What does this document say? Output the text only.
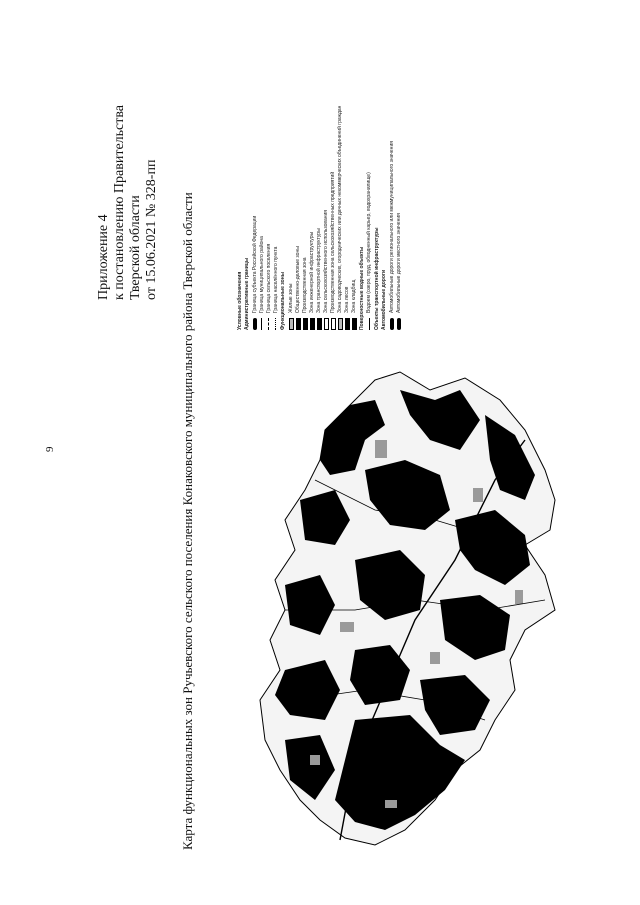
9
Приложение 4 к постановлению Правительства Тверской области от 15.06.2021 № 328-пп Карта функциональных зон Ручьевского сельского поселения Конаковского муниципального района Тверской области	Условные обозначения Административные границы Граница субъекта Российской Федерации Граница муниципального района Граница сельского поселения Граница населённого пункта Функциональные зоны Жилые зоны Общественно-деловые зоны Производственная зона Зона инженерной инфраструктуры Зона транспортной инфраструктуры Зона сельскохозяйственного использования Производственная зона сельскохозяйственных предприятий Зона садоводческих, огороднических или дачных некоммерческих объединений граждан Зона лесов Зона кладбищ Поверхностные водные объекты Водоем (озеро, пруд, обводненный карьер, водохранилище) Объекты транспортной инфраструктуры Автомобильные дороги Автомобильные дороги регионального или межмуниципального значения Автомобильные дороги местного значения
